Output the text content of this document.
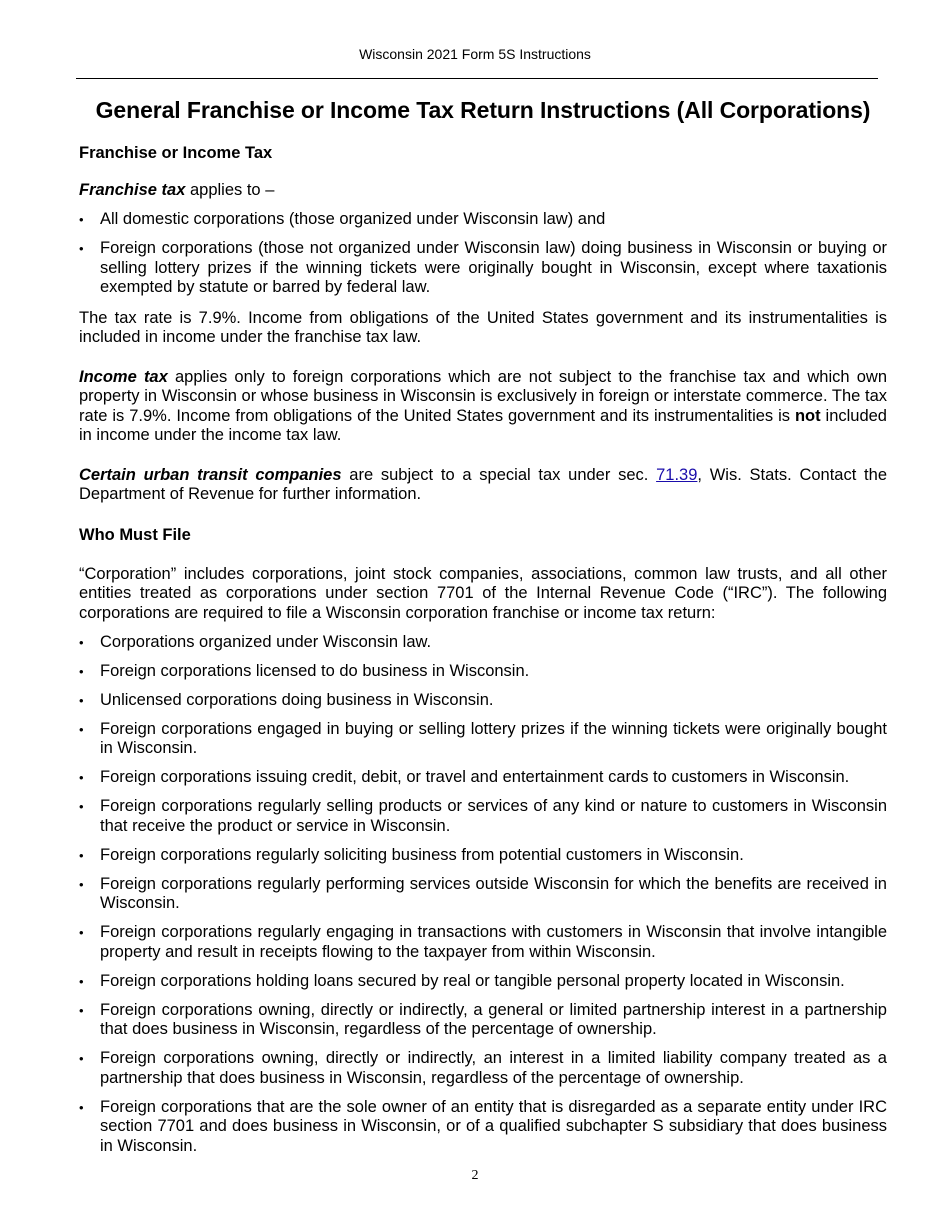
Wisconsin 2021 Form 5S Instructions
General Franchise or Income Tax Return Instructions (All Corporations)
Franchise or Income Tax

Franchise tax applies to –

• All domestic corporations (those organized under Wisconsin law) and
• Foreign corporations (those not organized under Wisconsin law) doing business in Wisconsin or buying or selling lottery prizes if the winning tickets were originally bought in Wisconsin, except where taxationis exempted by statute or barred by federal law.

The tax rate is 7.9%. Income from obligations of the United States government and its instrumentalities is included in income under the franchise tax law.

Income tax applies only to foreign corporations which are not subject to the franchise tax and which own property in Wisconsin or whose business in Wisconsin is exclusively in foreign or interstate commerce. The tax rate is 7.9%. Income from obligations of the United States government and its instrumentalities is not included in income under the income tax law.

Certain urban transit companies are subject to a special tax under sec. 71.39, Wis. Stats. Contact the Department of Revenue for further information.

Who Must File

“Corporation” includes corporations, joint stock companies, associations, common law trusts, and all other entities treated as corporations under section 7701 of the Internal Revenue Code (“IRC”). The following corporations are required to file a Wisconsin corporation franchise or income tax return:

• Corporations organized under Wisconsin law.
• Foreign corporations licensed to do business in Wisconsin.
• Unlicensed corporations doing business in Wisconsin.
• Foreign corporations engaged in buying or selling lottery prizes if the winning tickets were originally bought in Wisconsin.
• Foreign corporations issuing credit, debit, or travel and entertainment cards to customers in Wisconsin.
• Foreign corporations regularly selling products or services of any kind or nature to customers in Wisconsin that receive the product or service in Wisconsin.
• Foreign corporations regularly soliciting business from potential customers in Wisconsin.
• Foreign corporations regularly performing services outside Wisconsin for which the benefits are received in Wisconsin.
• Foreign corporations regularly engaging in transactions with customers in Wisconsin that involve intangible property and result in receipts flowing to the taxpayer from within Wisconsin.
• Foreign corporations holding loans secured by real or tangible personal property located in Wisconsin.
• Foreign corporations owning, directly or indirectly, a general or limited partnership interest in a partnership that does business in Wisconsin, regardless of the percentage of ownership.
• Foreign corporations owning, directly or indirectly, an interest in a limited liability company treated as a partnership that does business in Wisconsin, regardless of the percentage of ownership.
• Foreign corporations that are the sole owner of an entity that is disregarded as a separate entity under IRC section 7701 and does business in Wisconsin, or of a qualified subchapter S subsidiary that does business in Wisconsin.
2
